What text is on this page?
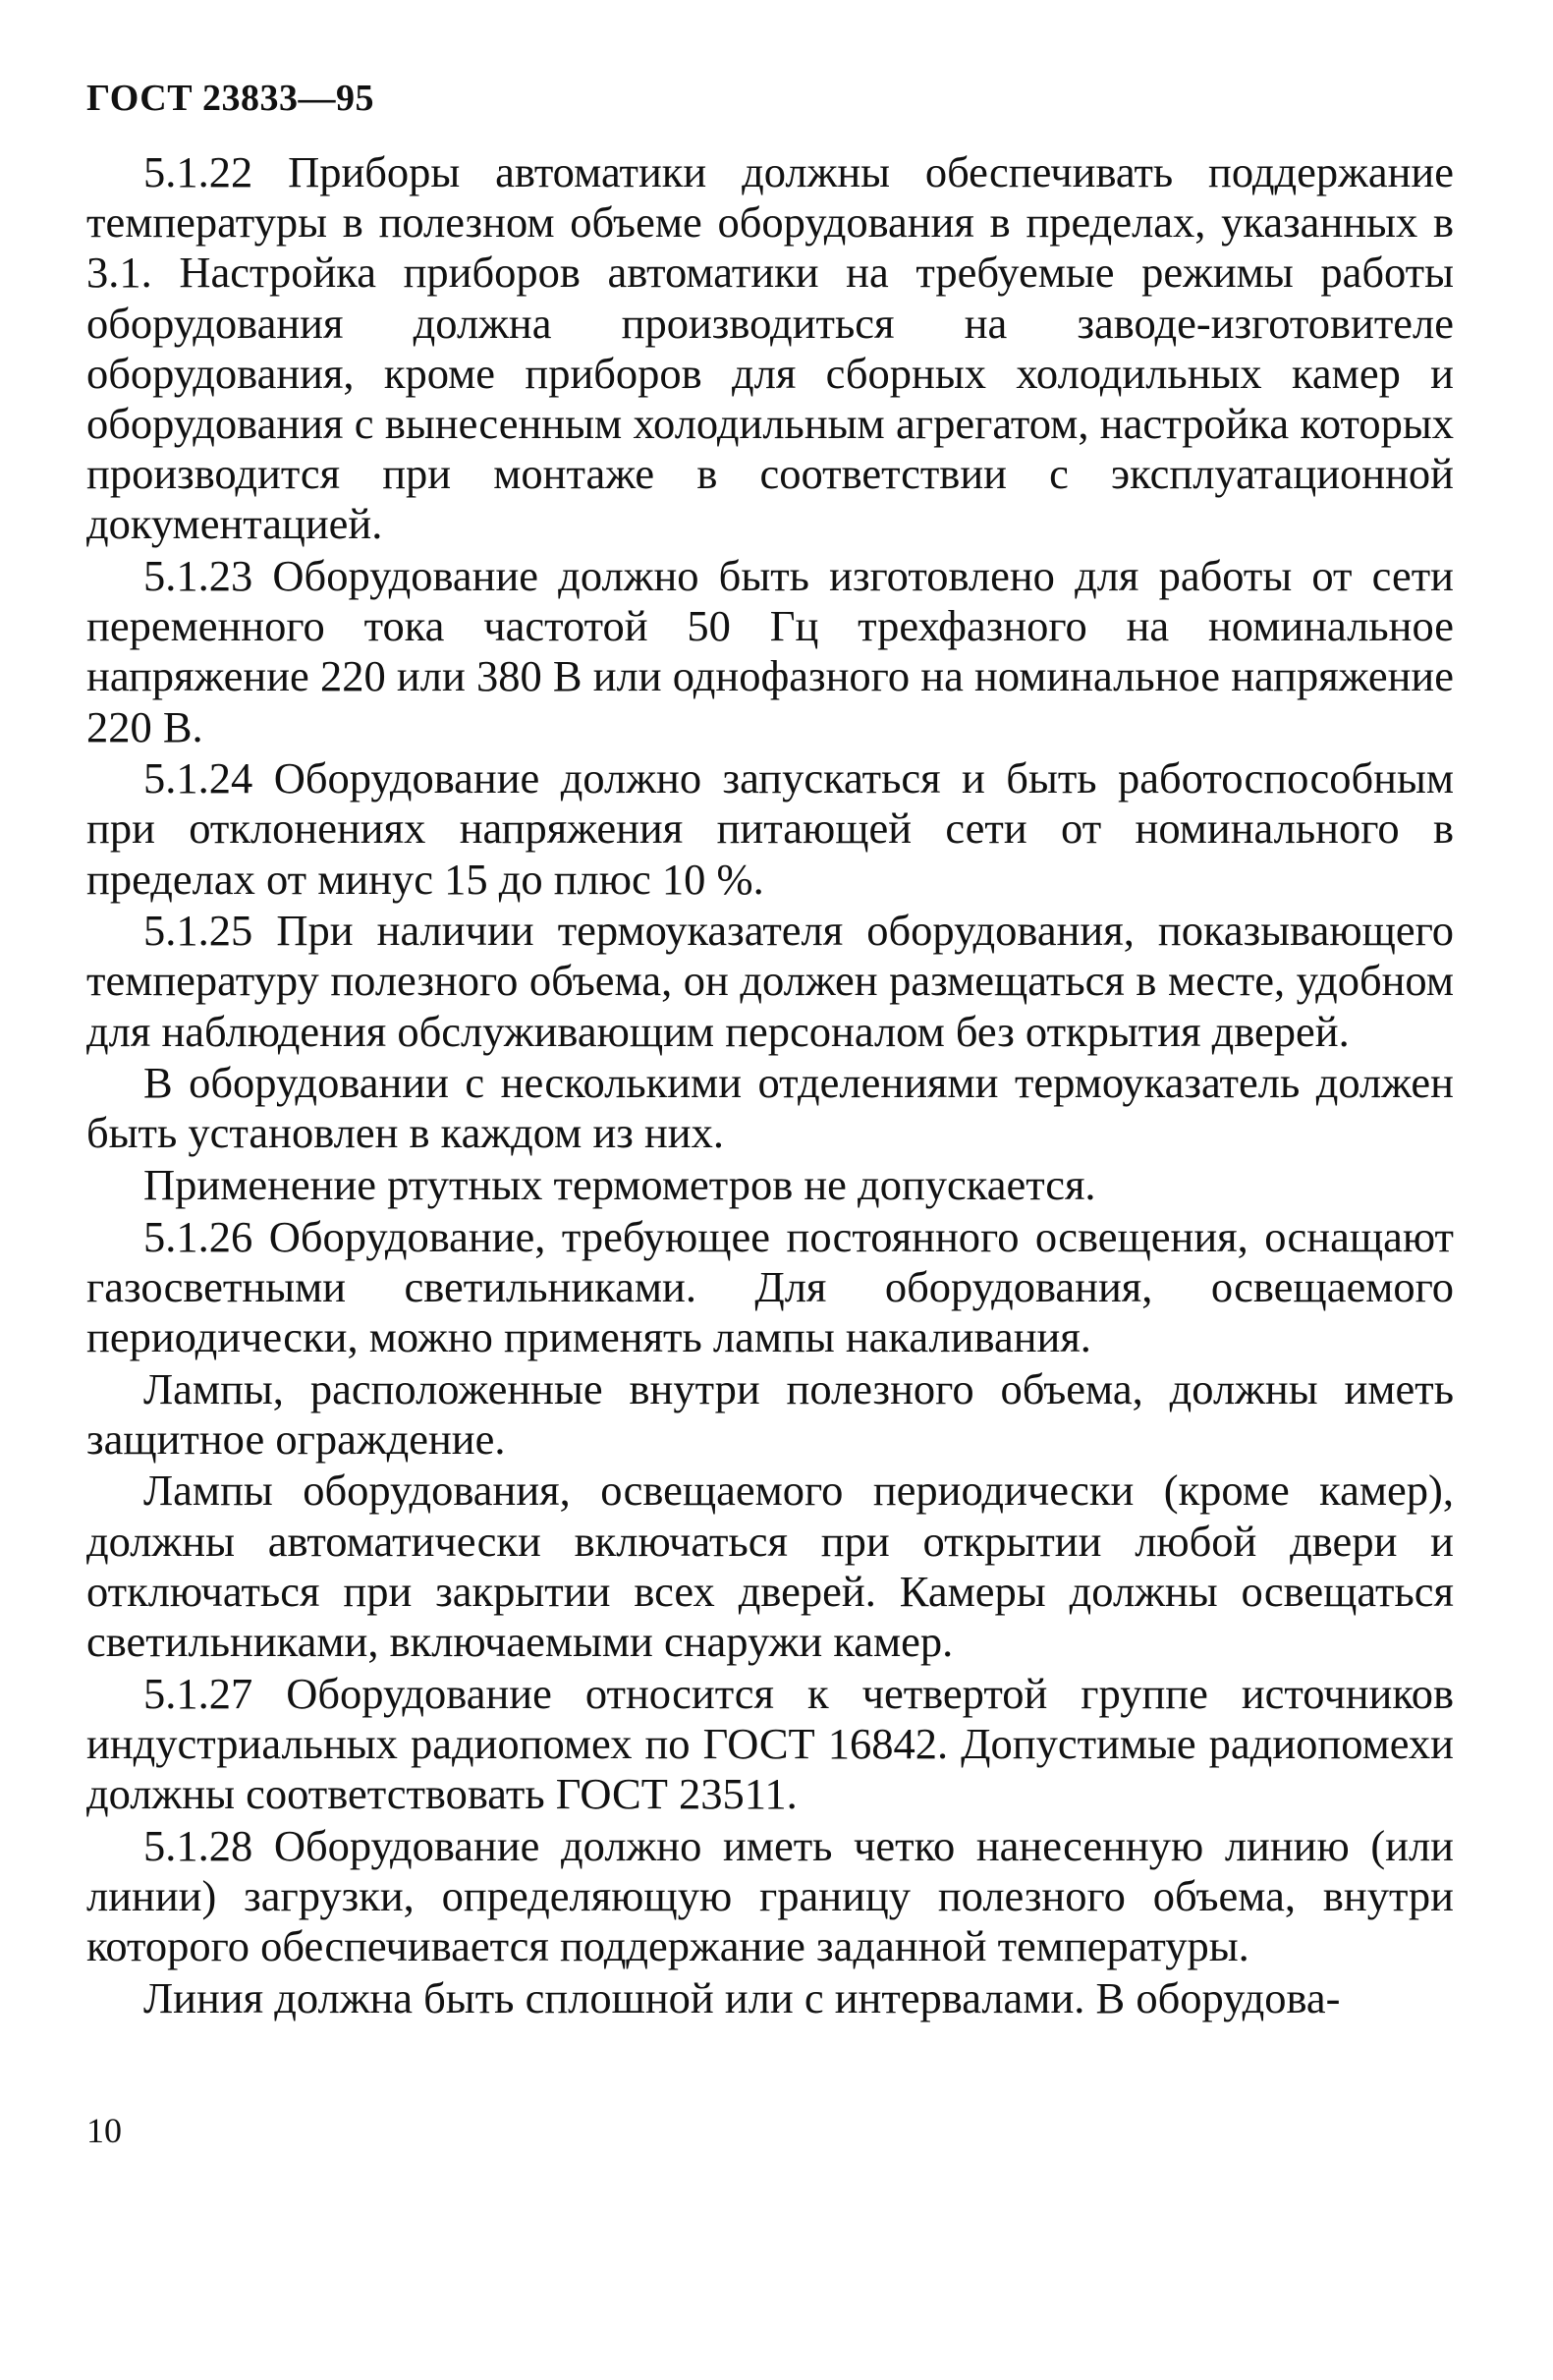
ГОСТ 23833—95

5.1.22 Приборы автоматики должны обеспечивать поддержание температуры в полезном объеме оборудования в пределах, указанных в 3.1. Настройка приборов автоматики на требуемые режимы работы оборудования должна производиться на заводе-изготовителе оборудования, кроме приборов для сборных холодильных камер и оборудования с вынесенным холодильным агрегатом, настройка которых производится при монтаже в соответствии с эксплуатационной документацией.

5.1.23 Оборудование должно быть изготовлено для работы от сети переменного тока частотой 50 Гц трехфазного на номинальное напряжение 220 или 380 В или однофазного на номинальное напряжение 220 В.

5.1.24 Оборудование должно запускаться и быть работоспособным при отклонениях напряжения питающей сети от номинального в пределах от минус 15 до плюс 10 %.

5.1.25 При наличии термоуказателя оборудования, показывающего температуру полезного объема, он должен размещаться в месте, удобном для наблюдения обслуживающим персоналом без открытия дверей.

В оборудовании с несколькими отделениями термоуказатель должен быть установлен в каждом из них.

Применение ртутных термометров не допускается.

5.1.26 Оборудование, требующее постоянного освещения, оснащают газосветными светильниками. Для оборудования, освещаемого периодически, можно применять лампы накаливания.

Лампы, расположенные внутри полезного объема, должны иметь защитное ограждение.

Лампы оборудования, освещаемого периодически (кроме камер), должны автоматически включаться при открытии любой двери и отключаться при закрытии всех дверей. Камеры должны освещаться светильниками, включаемыми снаружи камер.

5.1.27 Оборудование относится к четвертой группе источников индустриальных радиопомех по ГОСТ 16842. Допустимые радиопомехи должны соответствовать ГОСТ 23511.

5.1.28 Оборудование должно иметь четко нанесенную линию (или линии) загрузки, определяющую границу полезного объема, внутри которого обеспечивается поддержание заданной температуры.

Линия должна быть сплошной или с интервалами. В оборудова-

10
